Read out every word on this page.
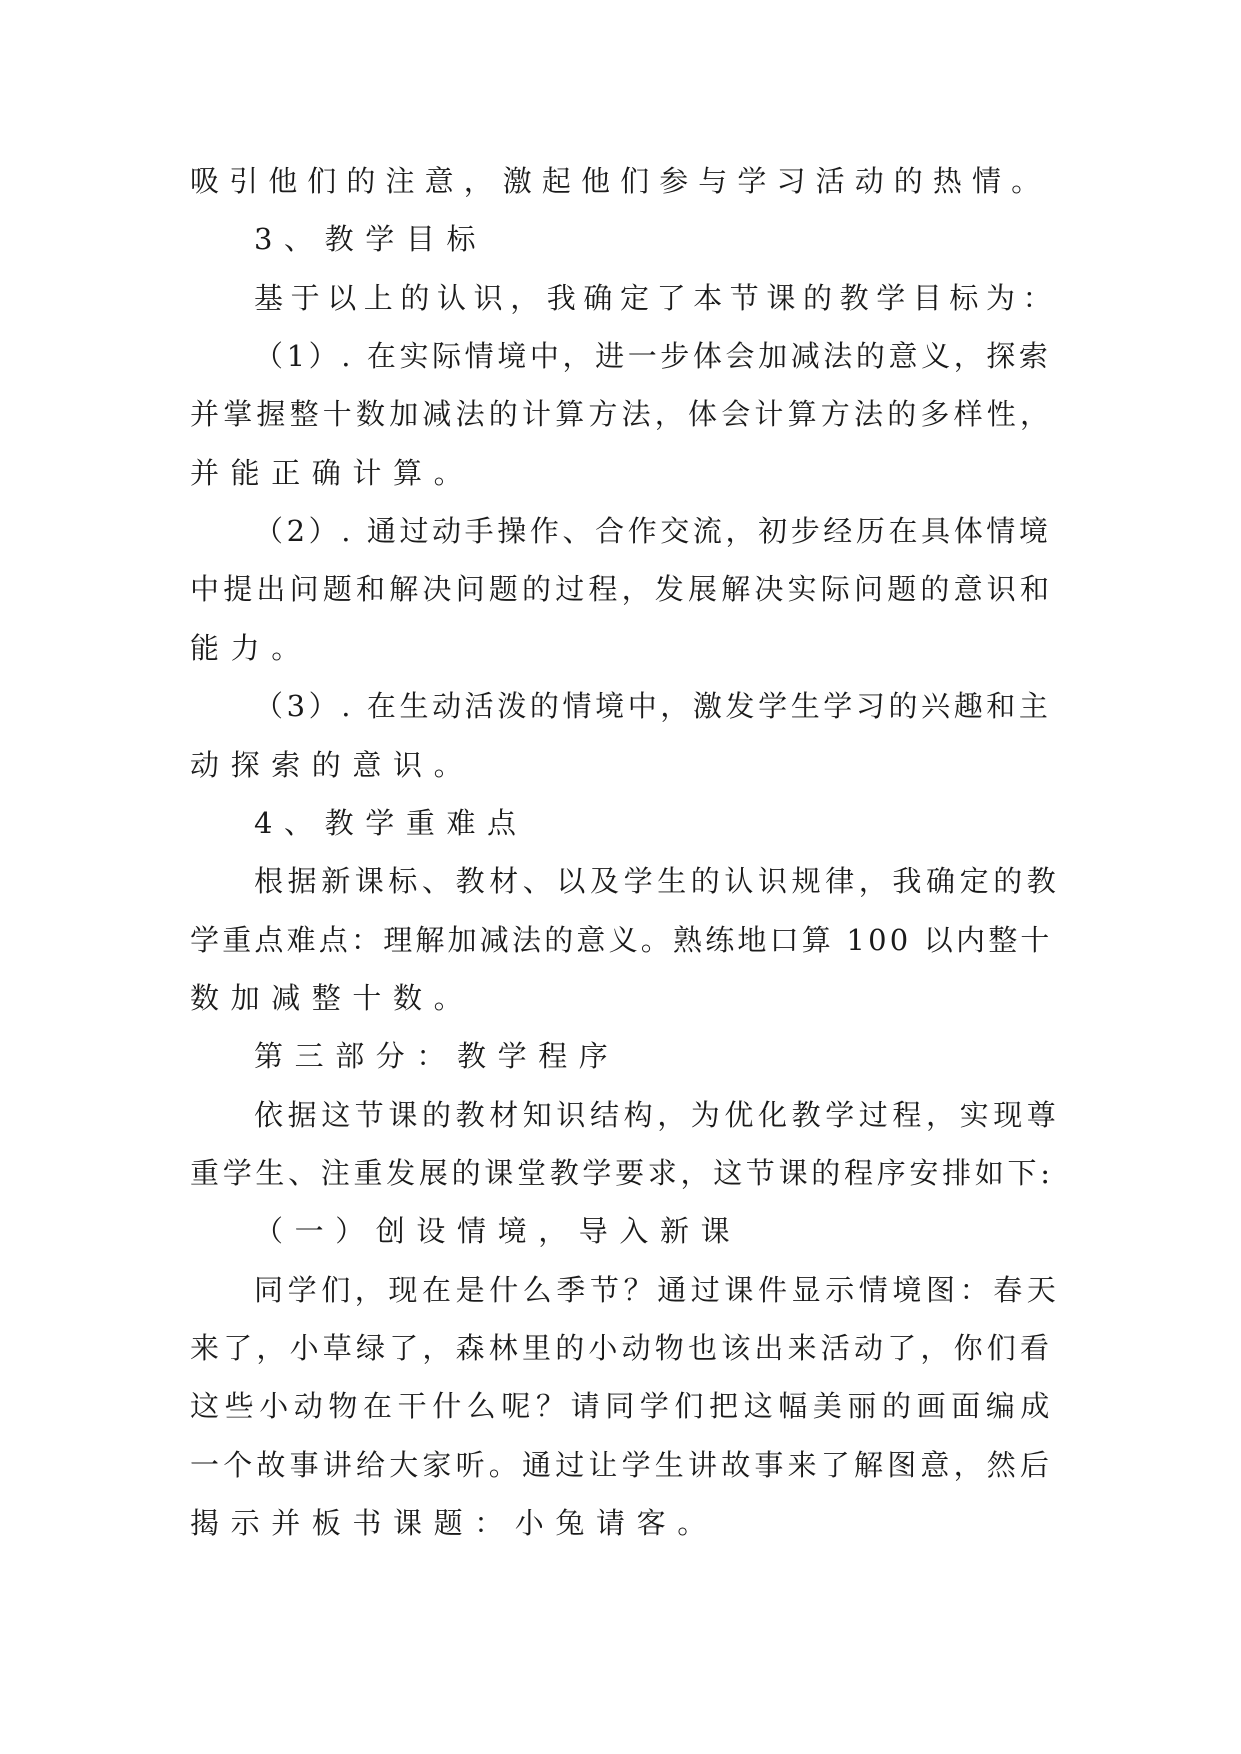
吸引他们的注意，激起他们参与学习活动的热情。
3、教学目标
基于以上的认识，我确定了本节课的教学目标为：
（1）. 在实际情境中，进一步体会加减法的意义，探索
并掌握整十数加减法的计算方法，体会计算方法的多样性，
并能正确计算。
（2）. 通过动手操作、合作交流，初步经历在具体情境
中提出问题和解决问题的过程，发展解决实际问题的意识和
能力。
（3）. 在生动活泼的情境中，激发学生学习的兴趣和主
动探索的意识。
4、教学重难点
根据新课标、教材、以及学生的认识规律，我确定的教
学重点难点：理解加减法的意义。熟练地口算 100 以内整十
数加减整十数。
第三部分：教学程序
依据这节课的教材知识结构，为优化教学过程，实现尊
重学生、注重发展的课堂教学要求，这节课的程序安排如下:
（一）创设情境，导入新课
同学们，现在是什么季节？通过课件显示情境图：春天
来了，小草绿了，森林里的小动物也该出来活动了，你们看
这些小动物在干什么呢？请同学们把这幅美丽的画面编成
一个故事讲给大家听。通过让学生讲故事来了解图意，然后
揭示并板书课题：小兔请客。
